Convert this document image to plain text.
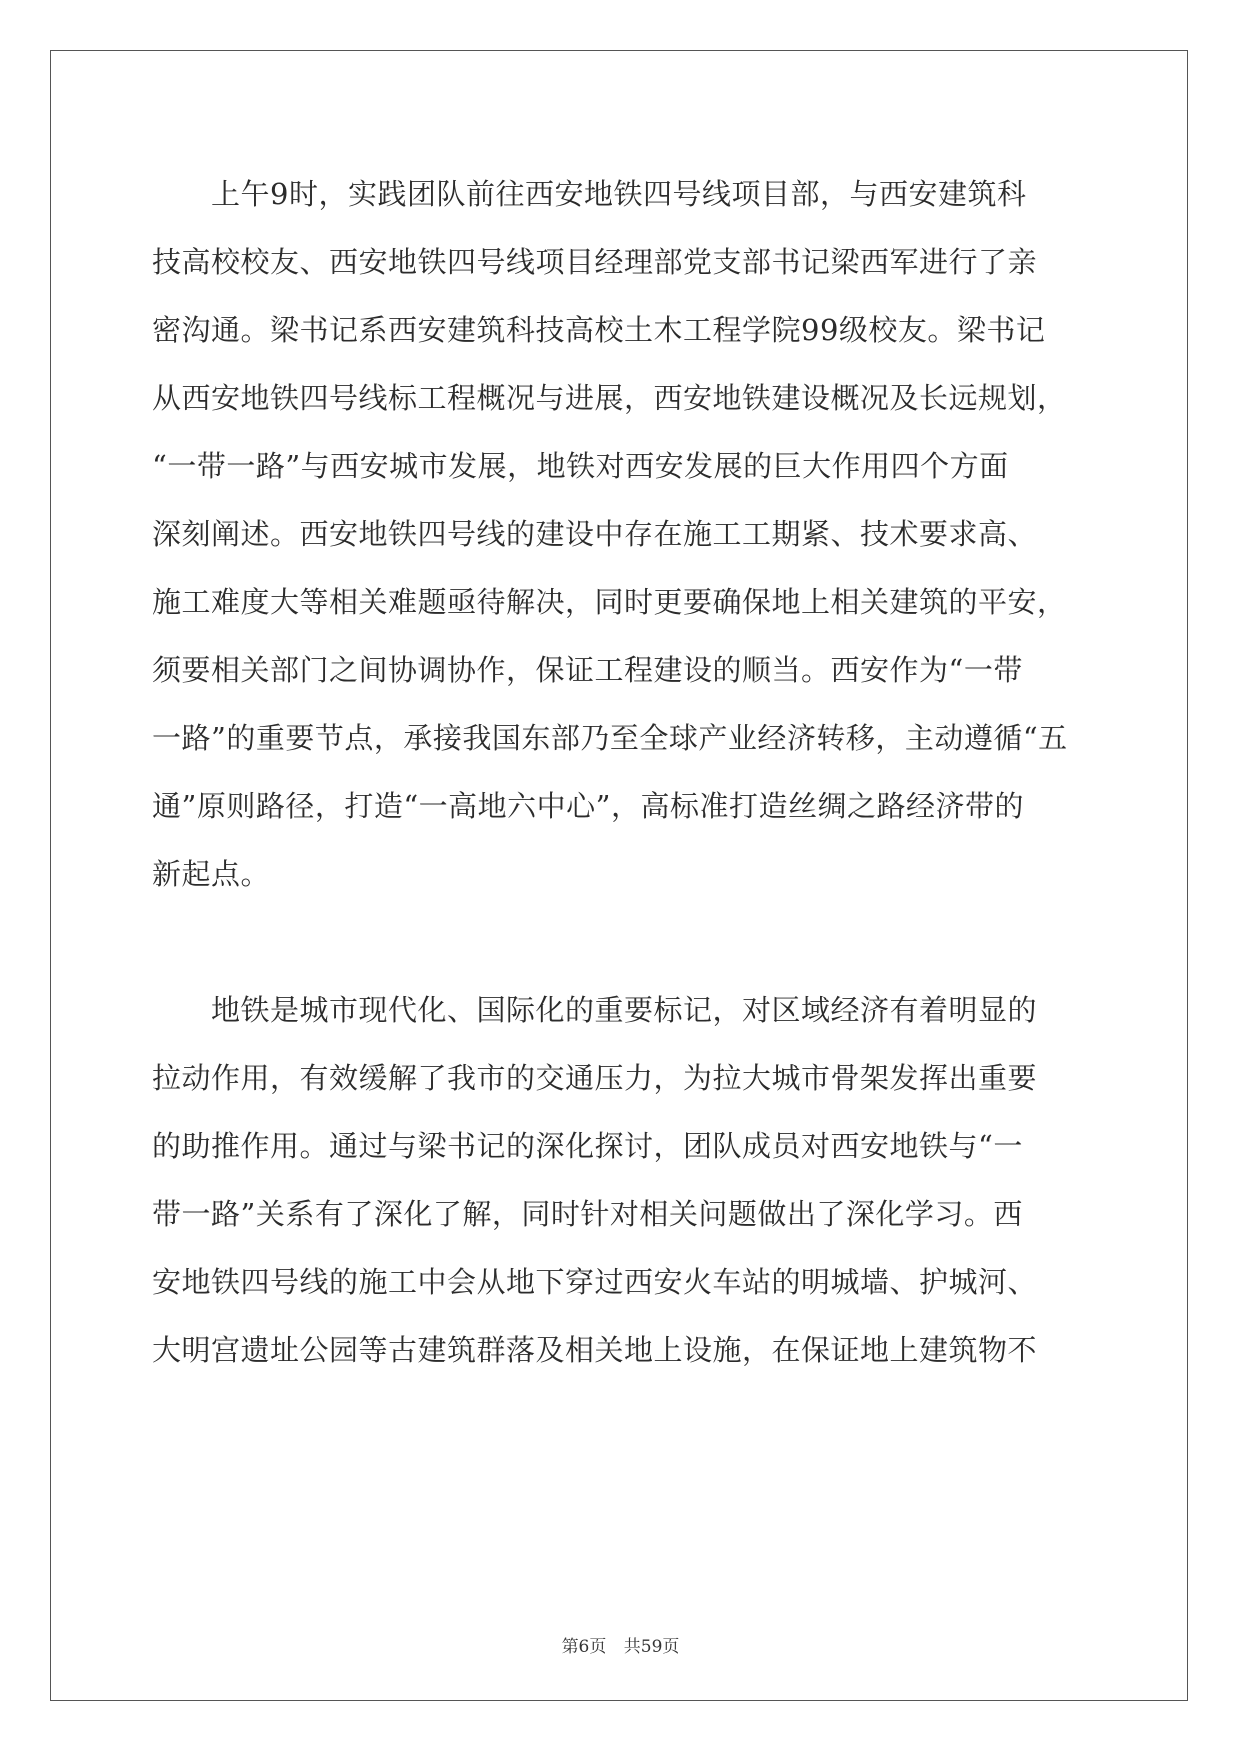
　　上午9时，实践团队前往西安地铁四号线项目部，与西安建筑科
技高校校友、西安地铁四号线项目经理部党支部书记梁西军进行了亲
密沟通。梁书记系西安建筑科技高校土木工程学院99级校友。梁书记
从西安地铁四号线标工程概况与进展，西安地铁建设概况及长远规划，
“一带一路”与西安城市发展，地铁对西安发展的巨大作用四个方面
深刻阐述。西安地铁四号线的建设中存在施工工期紧、技术要求高、
施工难度大等相关难题亟待解决，同时更要确保地上相关建筑的平安，
须要相关部门之间协调协作，保证工程建设的顺当。西安作为“一带
一路”的重要节点，承接我国东部乃至全球产业经济转移，主动遵循“五
通”原则路径，打造“一高地六中心”，高标准打造丝绸之路经济带的
新起点。
　　地铁是城市现代化、国际化的重要标记，对区域经济有着明显的
拉动作用，有效缓解了我市的交通压力，为拉大城市骨架发挥出重要
的助推作用。通过与梁书记的深化探讨，团队成员对西安地铁与“一
带一路”关系有了深化了解，同时针对相关问题做出了深化学习。西
安地铁四号线的施工中会从地下穿过西安火车站的明城墙、护城河、
大明宫遗址公园等古建筑群落及相关地上设施，在保证地上建筑物不
第6页 共59页
